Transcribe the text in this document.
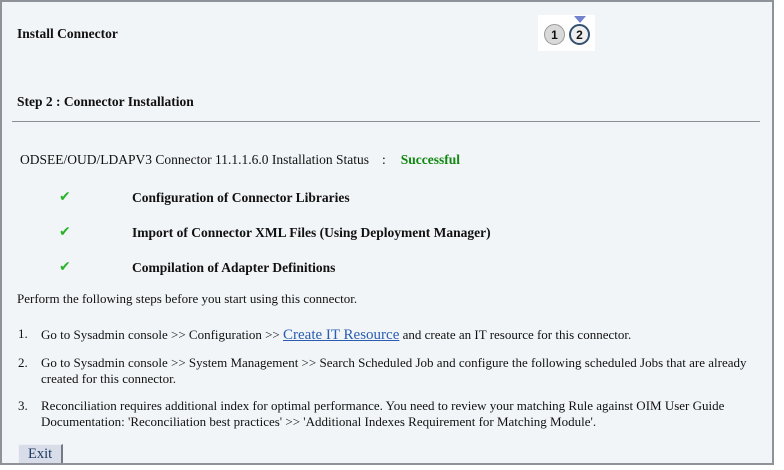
Install Connector	1	2
Step 2 : Connector Installation
ODSEE/OUD/LDAPV3 Connector 11.1.1.6.0 Installation Status : Successful
✔
Configuration of Connector Libraries
✔
Import of Connector XML Files (Using Deployment Manager)
✔
Compilation of Adapter Definitions
Perform the following steps before you start using this connector.
1.	Go to Sysadmin console >> Configuration >> Create IT Resource and create an IT resource for this connector.
2.	Go to Sysadmin console >> System Management >> Search Scheduled Job and configure the following scheduled Jobs that are already created for this connector.
3.	Reconciliation requires additional index for optimal performance. You need to review your matching Rule against OIM User Guide Documentation: 'Reconciliation best practices' >> 'Additional Indexes Requirement for Matching Module'.
Exit
